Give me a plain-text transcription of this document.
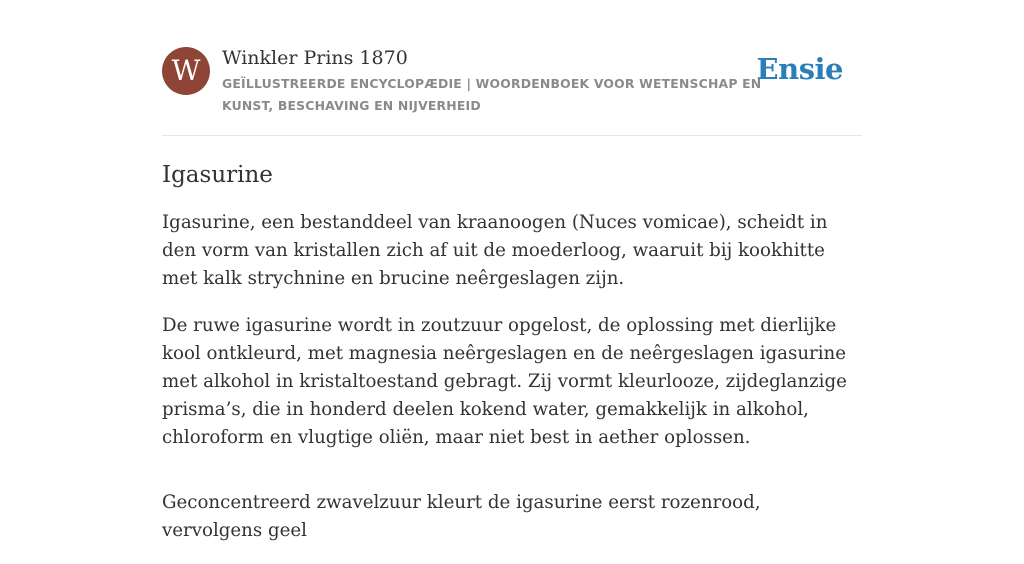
W	Winkler Prins 1870
GEÏLLUSTREERDE ENCYCLOPÆDIE | WOORDENBOEK VOOR WETENSCHAP EN KUNST, BESCHAVING EN NIJVERHEID
Ensie
Igasurine

Igasurine, een bestanddeel van kraanoogen (Nuces vomicae), scheidt in den vorm van kristallen zich af uit de moederloog, waaruit bij kookhitte met kalk strychnine en brucine neêrgeslagen zijn.

De ruwe igasurine wordt in zoutzuur opgelost, de oplossing met dierlijke kool ontkleurd, met magnesia neêrgeslagen en de neêrgeslagen igasurine met alkohol in kristaltoestand gebragt. Zij vormt kleurlooze, zijdeglanzige prisma’s, die in honderd deelen kokend water, gemakkelijk in alkohol, chloroform en vlugtige oliën, maar niet best in aether oplossen.

Geconcentreerd zwavelzuur kleurt de igasurine eerst rozenrood, vervolgens geel
